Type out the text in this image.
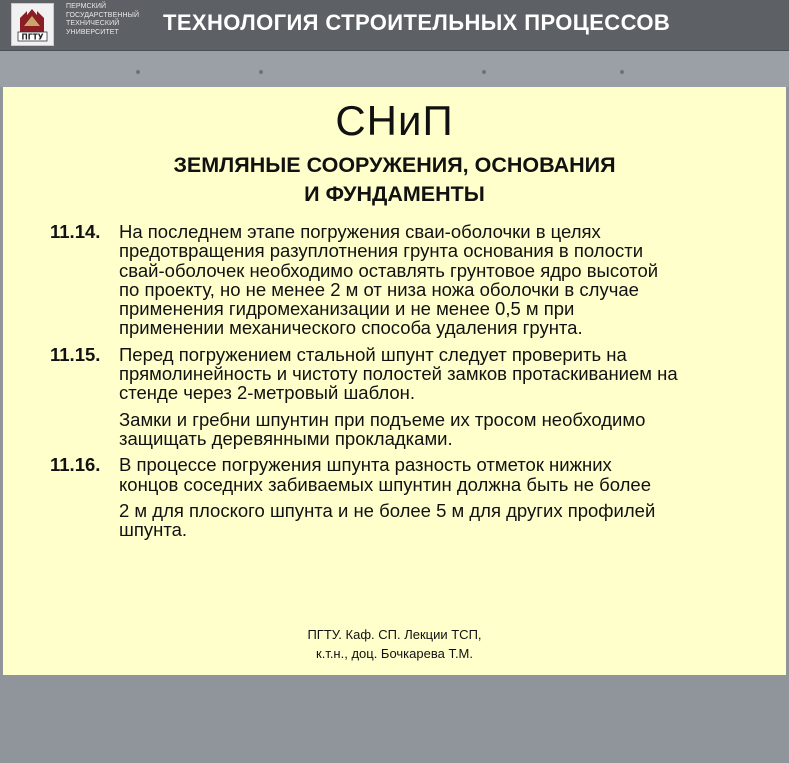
ПГТУ
ПЕРМСКИЙ
ГОСУДАРСТВЕННЫЙ
ТЕХНИЧЕСКИЙ
УНИВЕРСИТЕТ	ТЕХНОЛОГИЯ СТРОИТЕЛЬНЫХ ПРОЦЕССОВ
СНиП
ЗЕМЛЯНЫЕ СООРУЖЕНИЯ, ОСНОВАНИЯ
И ФУНДАМЕНТЫ
11.14. На последнем этапе погружения сваи-оболочки в целях
предотвращения разуплотнения грунта основания в полости
свай-оболочек необходимо оставлять грунтовое ядро высотой
по проекту, но не менее 2 м от низа ножа оболочки в случае
применения гидромеханизации и не менее 0,5 м при
применении механического способа удаления грунта.
11.15. Перед погружением стальной шпунт следует проверить на
прямолинейность и чистоту полостей замков протаскиванием на
стенде через 2-метровый шаблон.
Замки и гребни шпунтин при подъеме их тросом необходимо
защищать деревянными прокладками.
11.16. В процессе погружения шпунта разность отметок нижних
концов соседних забиваемых шпунтин должна быть не более
2 м для плоского шпунта и не более 5 м для других профилей
шпунта.
ПГТУ. Каф. СП. Лекции ТСП,
к.т.н., доц. Бочкарева Т.М.
